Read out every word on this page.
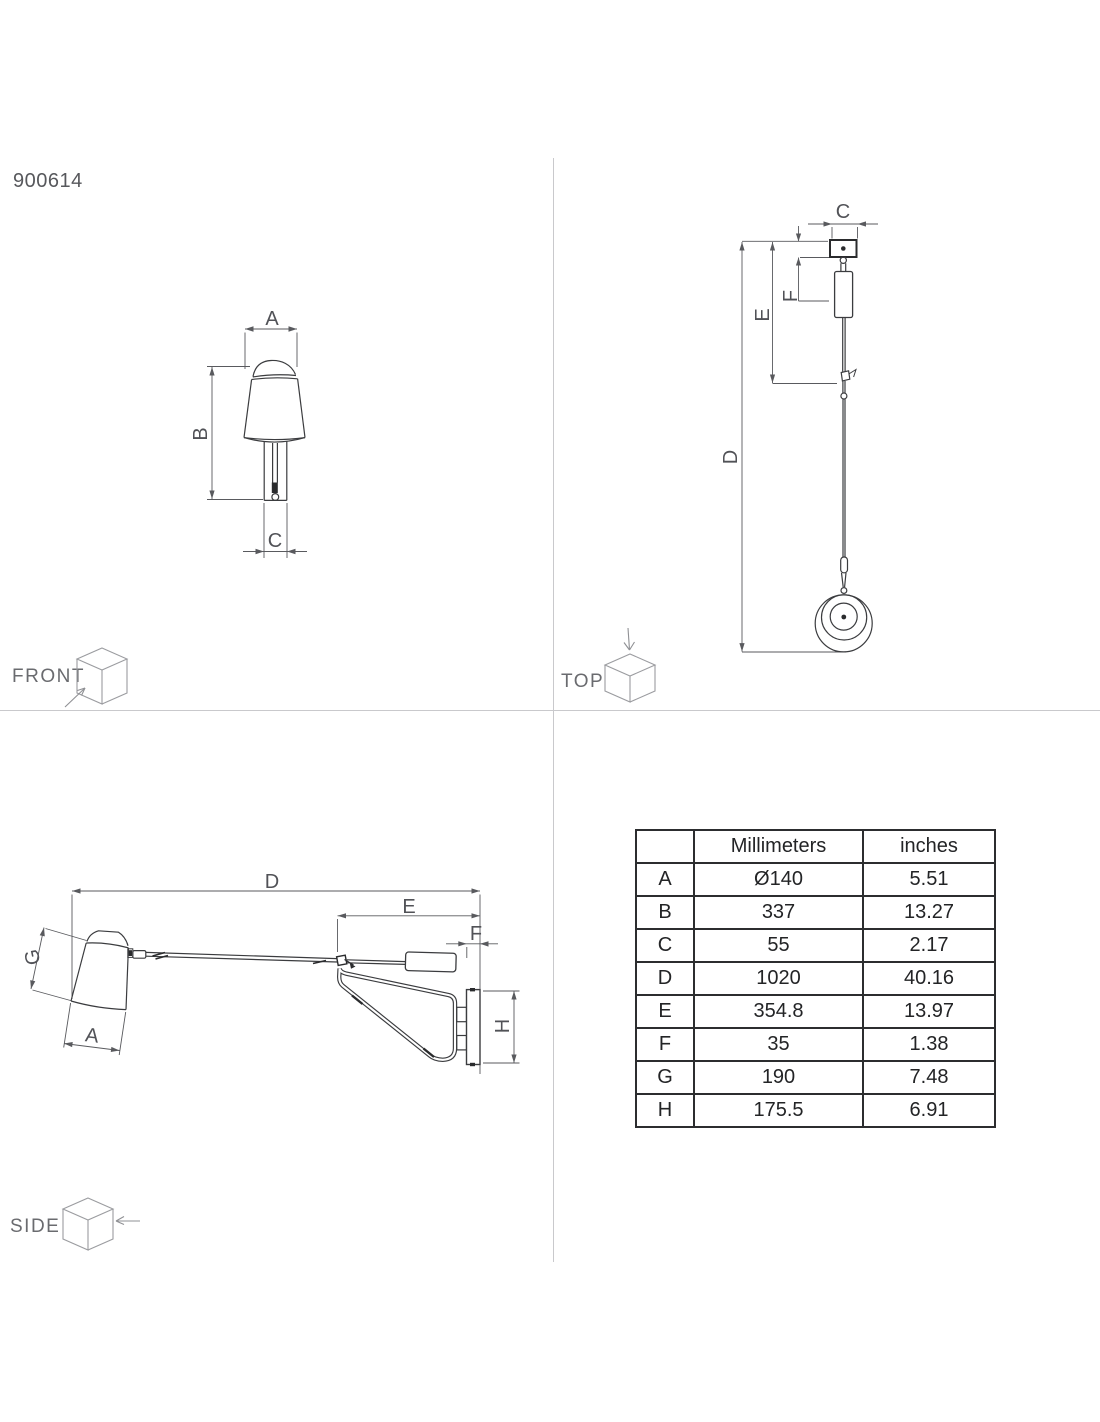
900614
A
B
C
C
F
E
D
D
E
F
G
A	H
FRONT	TOP
SIDE
	Millimeters	inches
A	Ø140	5.51
B	337	13.27
C	55	2.17
D	1020	40.16
E	354.8	13.97
F	35	1.38
G	190	7.48
H	175.5	6.91
